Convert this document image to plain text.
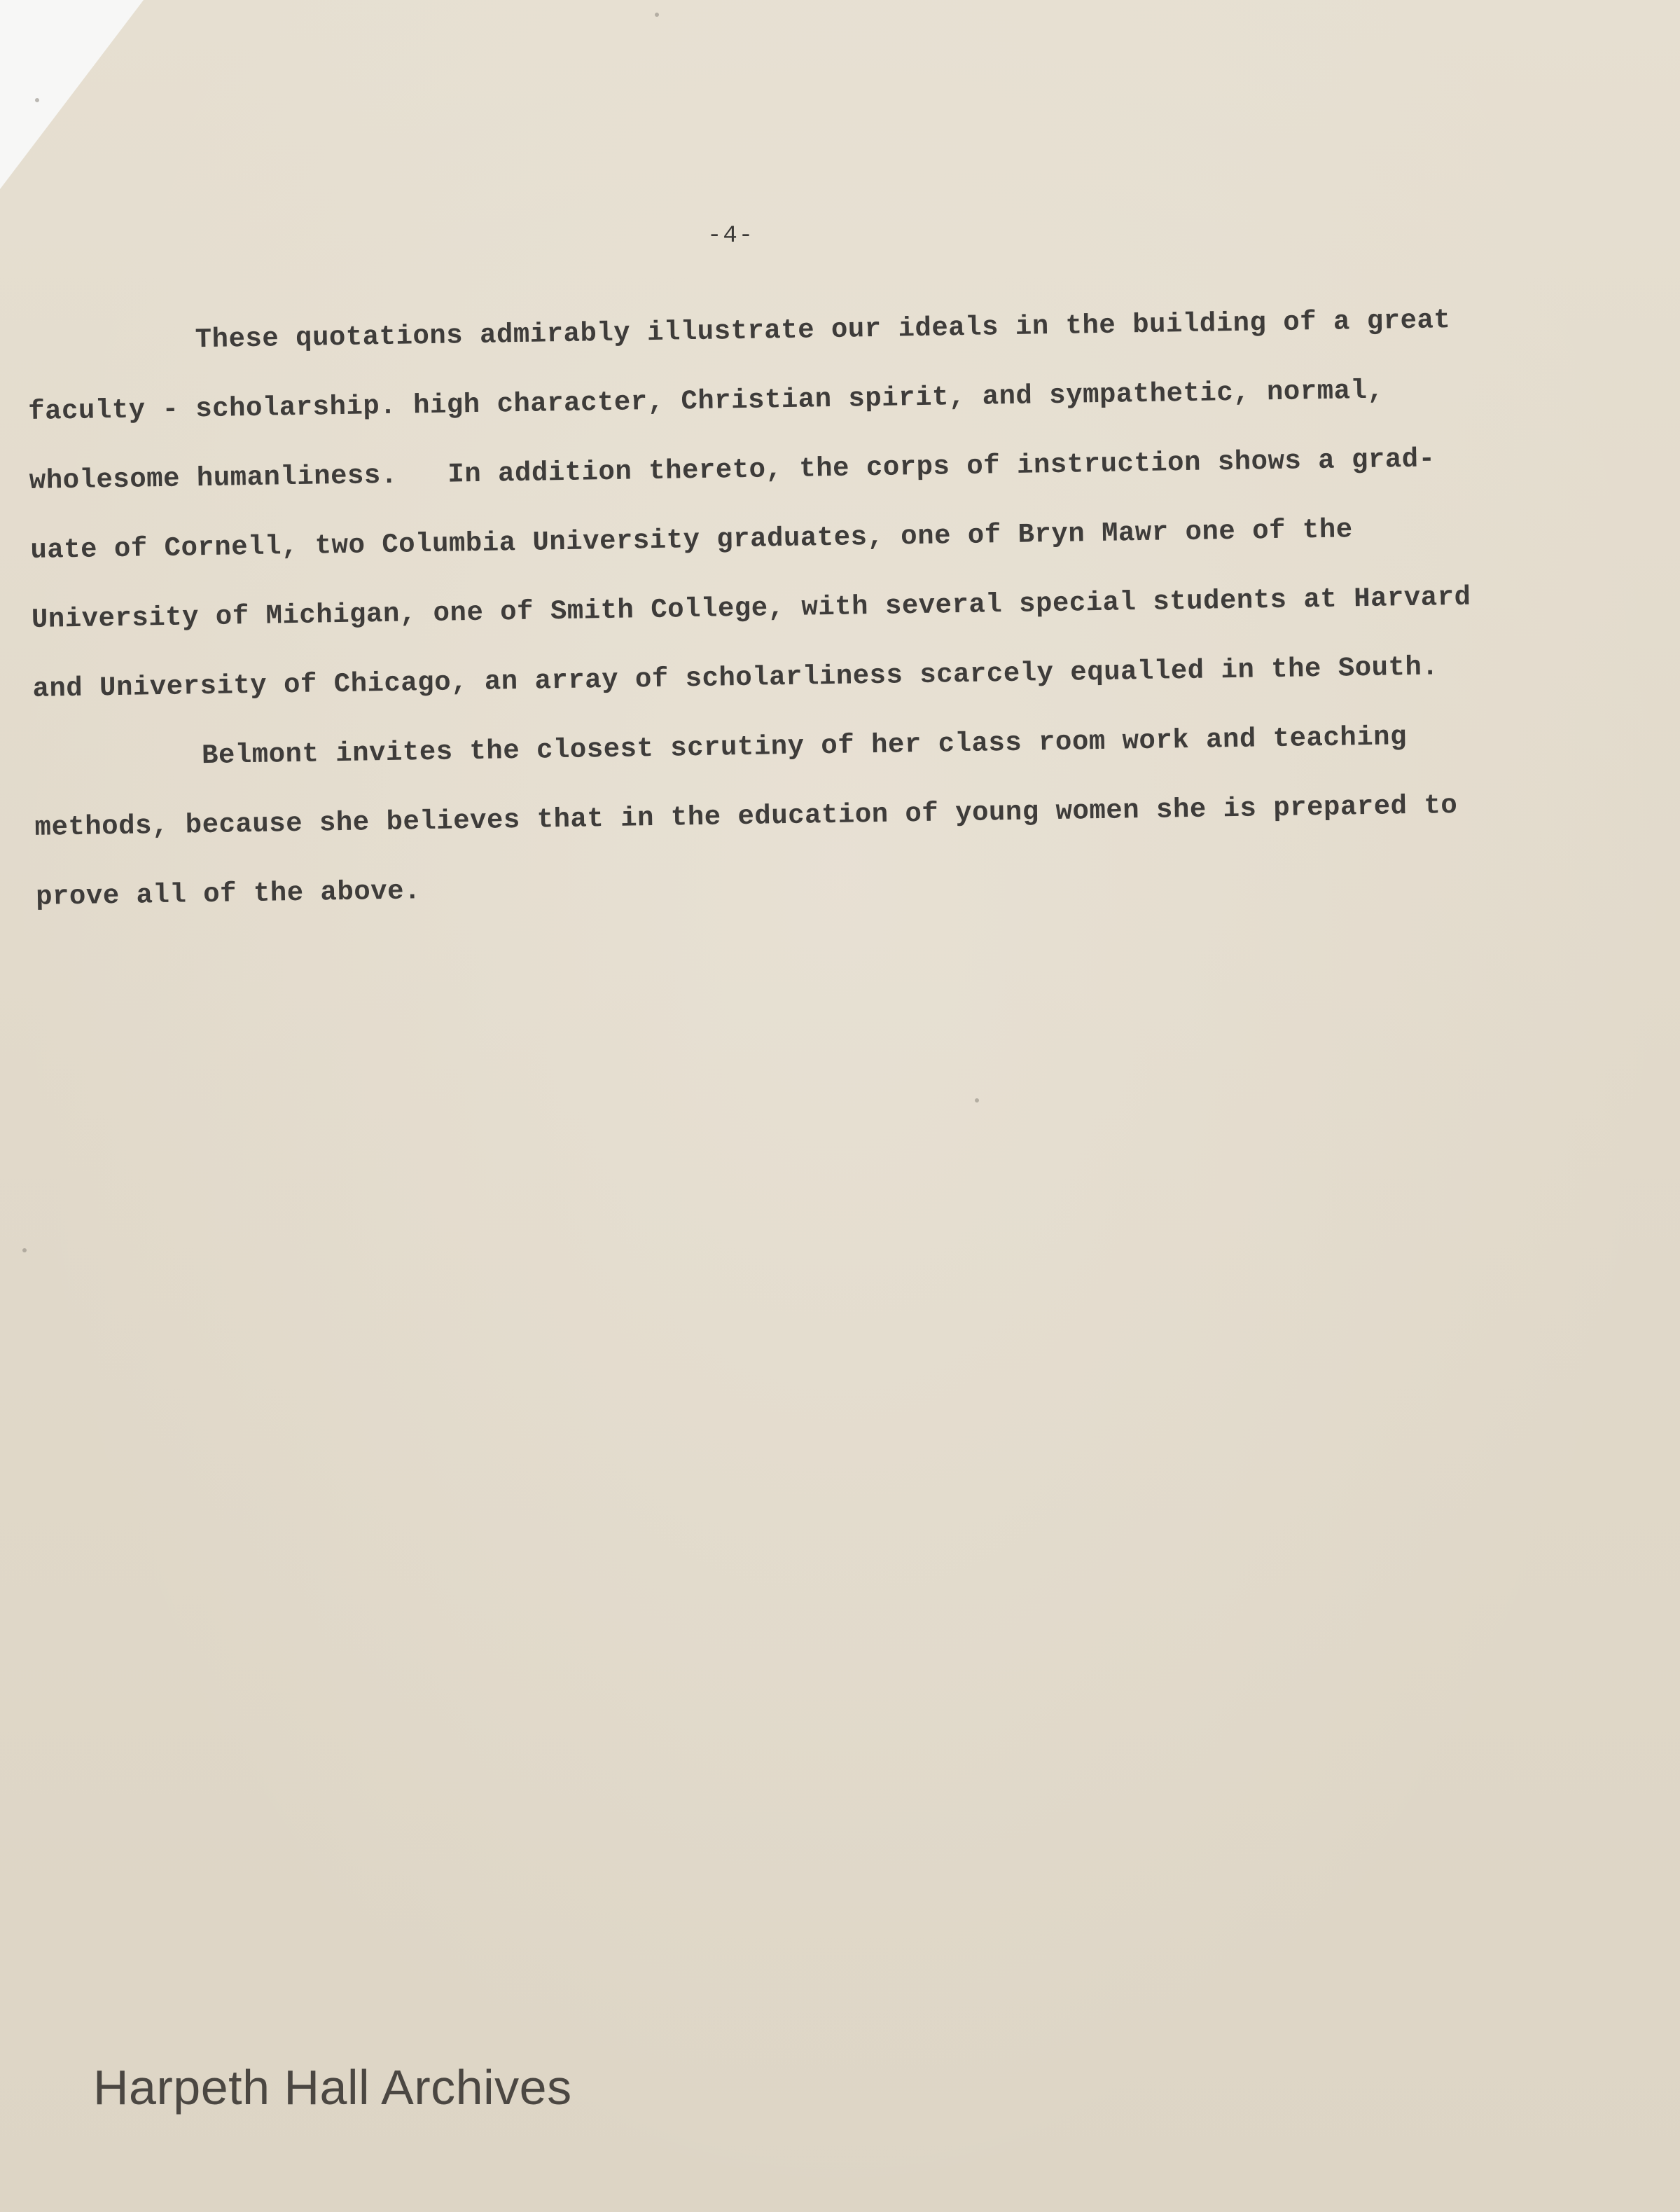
-4-
These quotations admirably illustrate our ideals in the building of a great
faculty - scholarship. high character, Christian spirit, and sympathetic, normal,
wholesome humanliness.   In addition thereto, the corps of instruction shows a grad-
uate of Cornell, two Columbia University graduates, one of Bryn Mawr one of the
University of Michigan, one of Smith College, with several special students at Harvard
and University of Chicago, an array of scholarliness scarcely equalled in the South.
Belmont invites the closest scrutiny of her class room work and teaching
methods, because she believes that in the education of young women she is prepared to
prove all of the above.
Harpeth Hall Archives
